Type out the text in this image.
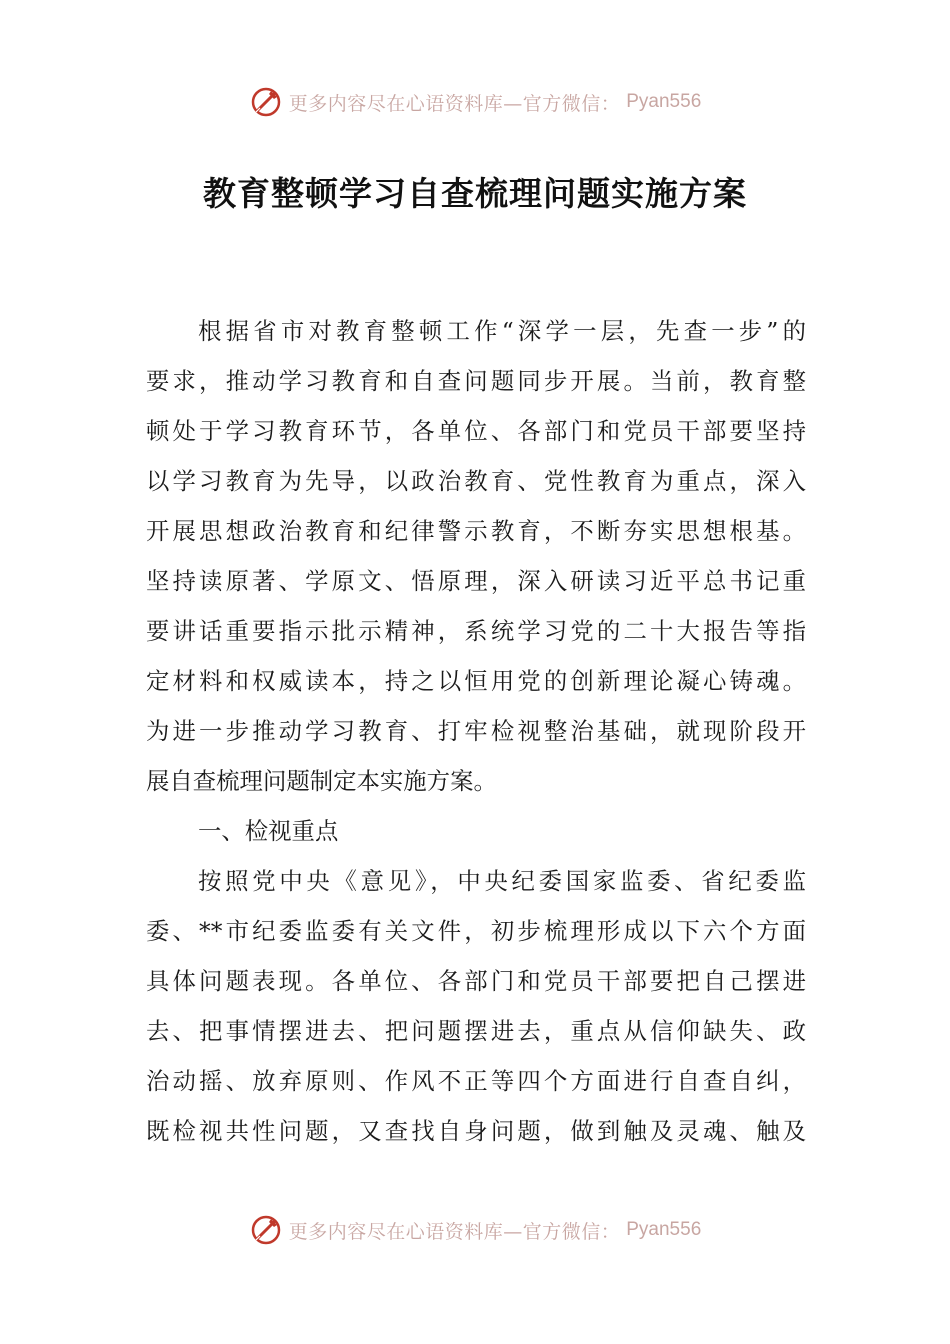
更多内容尽在心语资料库—官方微信： Pyan556
教育整顿学习自查梳理问题实施方案
根据省市对教育整顿工作“深学一层，先查一步”的
要求，推动学习教育和自查问题同步开展。当前，教育整
顿处于学习教育环节，各单位、各部门和党员干部要坚持
以学习教育为先导，以政治教育、党性教育为重点，深入
开展思想政治教育和纪律警示教育，不断夯实思想根基。
坚持读原著、学原文、悟原理，深入研读习近平总书记重
要讲话重要指示批示精神，系统学习党的二十大报告等指
定材料和权威读本，持之以恒用党的创新理论凝心铸魂。
为进一步推动学习教育、打牢检视整治基础，就现阶段开
展自查梳理问题制定本实施方案。
一、检视重点
按照党中央《意见》，中央纪委国家监委、省纪委监
委、**市纪委监委有关文件，初步梳理形成以下六个方面
具体问题表现。各单位、各部门和党员干部要把自己摆进
去、把事情摆进去、把问题摆进去，重点从信仰缺失、政
治动摇、放弃原则、作风不正等四个方面进行自查自纠，
既检视共性问题，又查找自身问题，做到触及灵魂、触及
更多内容尽在心语资料库—官方微信： Pyan556
